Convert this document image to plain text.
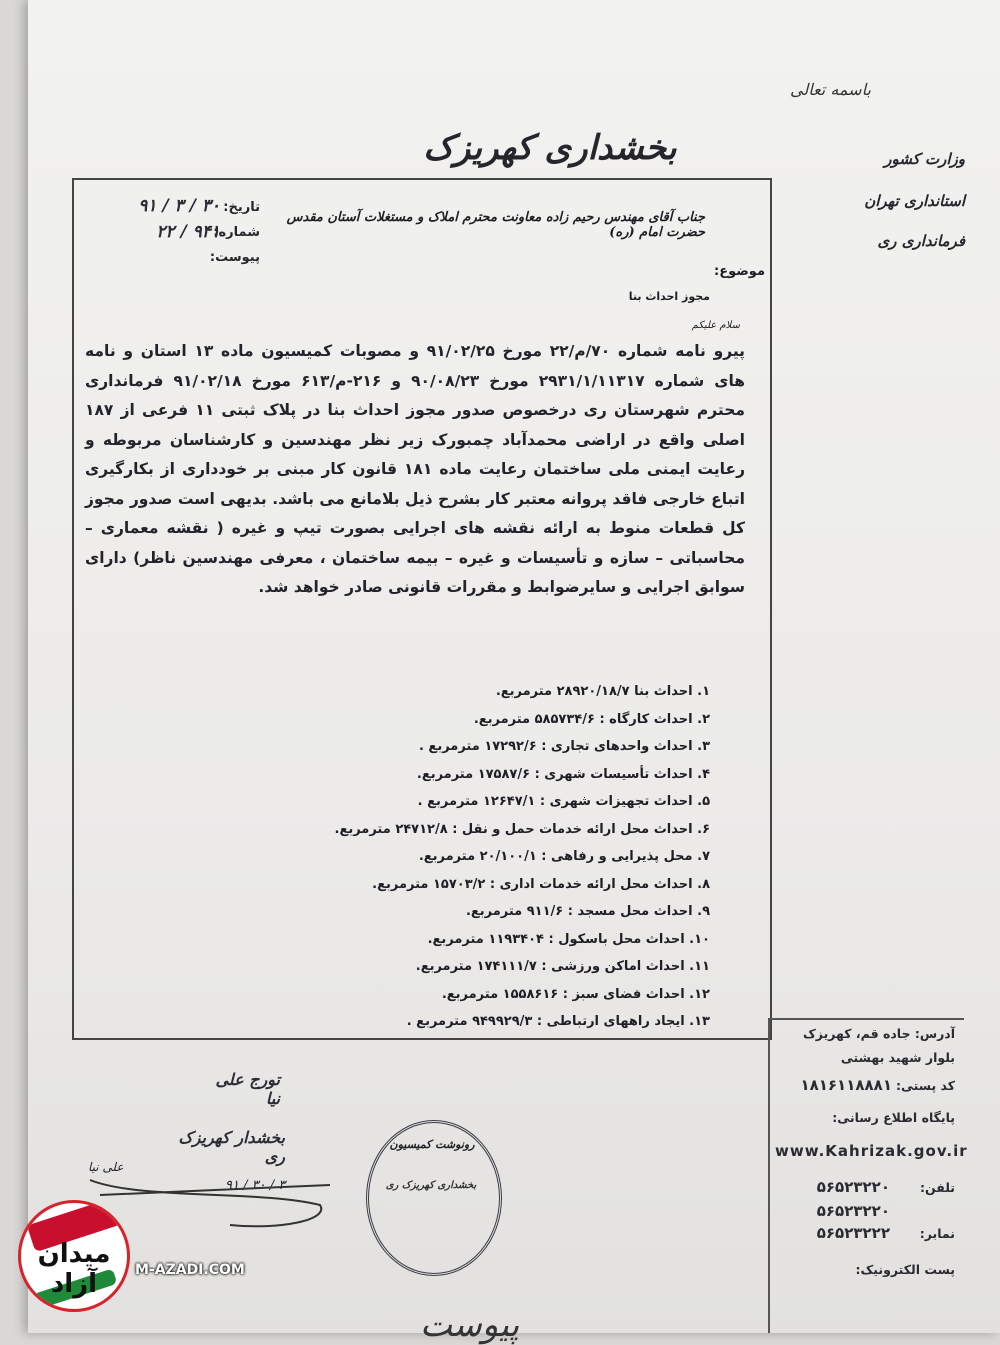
باسمه تعالی
بخشداری کهریزک	وزارت کشور
استانداری تهران
فرمانداری ری
تاریخ:
۹۱ / ۳ / ۳۰
شماره:
۲۲ / ۹۴۱
پیوست:
جناب آقای مهندس رحیم زاده معاونت محترم املاک و مستغلات آستان مقدس حضرت امام (ره)
موضوع:
مجوز احداث بنا
سلام علیکم
پیرو نامه شماره ۷۰/م/۲۲ مورخ ۹۱/۰۲/۲۵ و مصوبات کمیسیون ماده ۱۳ استان و نامه های شماره ۲۹۳۱/۱/۱۱۳۱۷ مورخ ۹۰/۰۸/۲۳ و ۲۱۶-م/۶۱۳ مورخ ۹۱/۰۲/۱۸ فرمانداری محترم شهرستان ری درخصوص صدور مجوز احداث بنا در پلاک ثبتی ۱۱ فرعی از ۱۸۷ اصلی واقع در اراضی محمدآباد چمبورک زیر نظر مهندسین و کارشناسان مربوطه و رعایت ایمنی ملی ساختمان رعایت ماده ۱۸۱ قانون کار مبنی بر خودداری از بکارگیری اتباع خارجی فاقد پروانه معتبر کار بشرح ذیل بلامانع می باشد. بدیهی است صدور مجوز کل قطعات منوط به ارائه نقشه های اجرایی بصورت تیپ و غیره ( نقشه معماری – محاسباتی – سازه و تأسیسات و غیره – بیمه ساختمان ، معرفی مهندسین ناظر) دارای سوابق اجرایی و سایرضوابط و مقررات قانونی صادر خواهد شد.
۱. احداث بنا ۲۸۹۲۰/۱۸/۷ مترمربع.
۲. احداث کارگاه : ۵۸۵۷۳۴/۶ مترمربع.
۳. احداث واحدهای تجاری : ۱۷۲۹۲/۶ مترمربع .
۴. احداث تأسیسات شهری : ۱۷۵۸۷/۶ مترمربع.
۵. احداث تجهیزات شهری : ۱۲۶۴۷/۱ مترمربع .
۶. احداث محل ارائه خدمات حمل و نقل : ۲۴۷۱۲/۸ مترمربع.
۷. محل پذیرایی و رفاهی : ۲۰/۱۰۰/۱ مترمربع.
۸. احداث محل ارائه خدمات اداری : ۱۵۷۰۳/۲ مترمربع.
۹. احداث محل مسجد : ۹۱۱/۶ مترمربع.
۱۰. احداث محل باسکول : ۱۱۹۳۴۰۴ مترمربع.
۱۱. احداث اماکن ورزشی : ۱۷۴۱۱۱/۷ مترمربع.
۱۲. احداث فضای سبز : ۱۵۵۸۶۱۶ مترمربع.
۱۳. ایجاد راههای ارتباطی : ۹۴۹۹۲۹/۳ مترمربع .
تورج علی نیا
بخشدار کهریزک ری
علی نیا
۹۱ / ۳۰ / ۳
رونوشت کمیسیون
بخشداری کهریزک ری
آدرس: جاده قم، کهریزک
بلوار شهید بهشتی
کد پستی:
۱۸۱۶۱۱۸۸۸۱
پایگاه اطلاع رسانی:
www.Kahrizak.gov.ir
تلفن:
۵۶۵۲۳۲۲۰
۵۶۵۲۳۲۲۰
نمابر:
۵۶۵۲۳۲۲۲
پست الکترونیک:
میدان آزاد	M-AZADI.COM
پیوست
